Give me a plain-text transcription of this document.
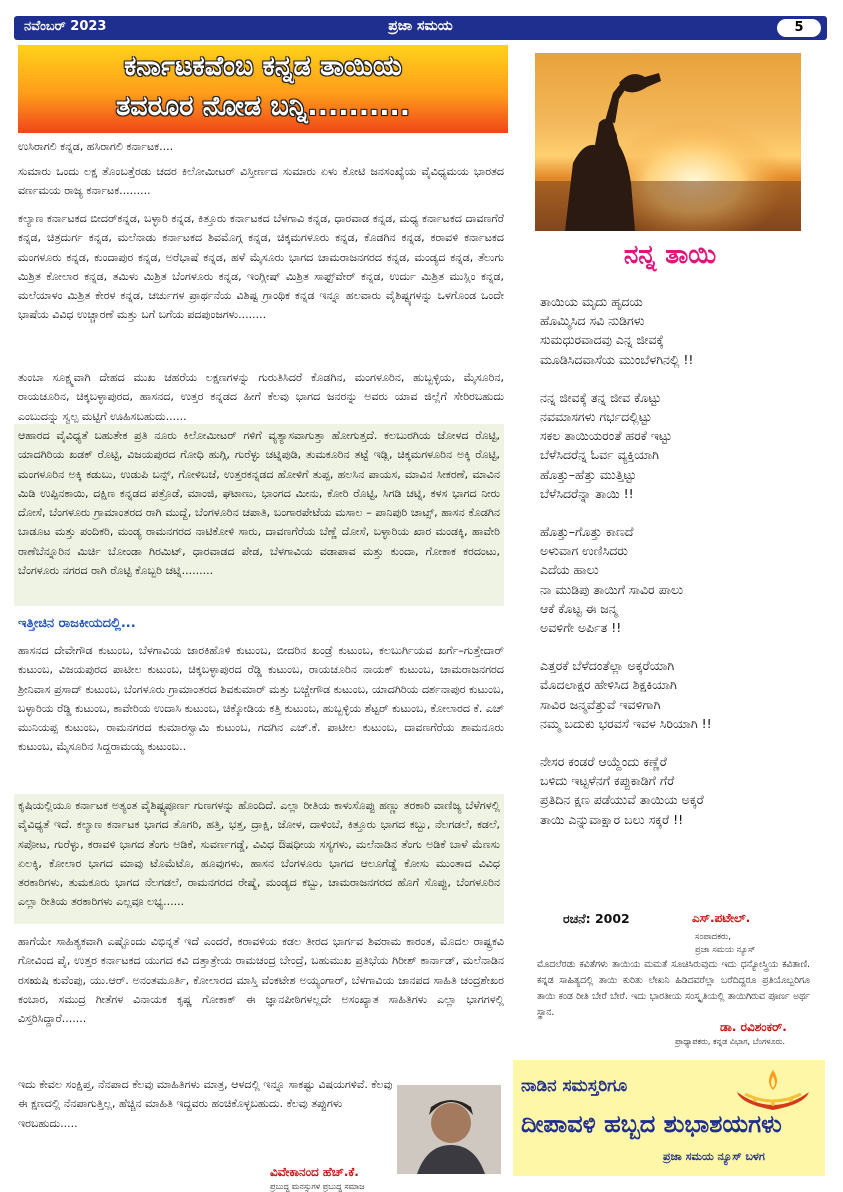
ನವೆಂಬರ್ 2023	ಪ್ರಜಾ ಸಮಯ	5
ಕರ್ನಾಟಕವೆಂಬ ಕನ್ನಡ ತಾಯಿಯ
ತವರೂರ ನೋಡ ಬನ್ನಿ..........
ಉಸಿರಾಗಲಿ ಕನ್ನಡ, ಹಸಿರಾಗಲಿ ಕರ್ನಾಟಕ....
ಸುಮಾರು ಒಂದು ಲಕ್ಷ ತೊಂಬತ್ತೆರಡು ಚದರ ಕಿಲೋಮೀಟರ್ ವಿಸ್ತೀರ್ಣದ ಸುಮಾರು ಏಳು ಕೋಟಿ ಜನಸಂಖ್ಯೆಯ ವೈವಿಧ್ಯಮಯ ಭಾರತದ ವರ್ಣಮಯ ರಾಜ್ಯ ಕರ್ನಾಟಕ.........
ಕಲ್ಯಾಣ ಕರ್ನಾಟಕದ ಬೀದರ್‌ಕನ್ನಡ, ಬಳ್ಳಾರಿ ಕನ್ನಡ, ಕಿತ್ತೂರು ಕರ್ನಾಟಕದ ಬೆಳಗಾವಿ ಕನ್ನಡ, ಧಾರವಾಡ ಕನ್ನಡ, ಮಧ್ಯ ಕರ್ನಾಟಕದ ದಾವಣಗೆರೆ ಕನ್ನಡ, ಚಿತ್ರದುರ್ಗ ಕನ್ನಡ, ಮಲೆನಾಡು ಕರ್ನಾಟಕದ ಶಿವಮೊಗ್ಗ ಕನ್ನಡ, ಚಿಕ್ಕಮಗಳೂರು ಕನ್ನಡ, ಕೊಡಗಿನ ಕನ್ನಡ, ಕರಾವಳಿ ಕರ್ನಾಟಕದ ಮಂಗಳೂರು ಕನ್ನಡ, ಕುಂದಾಪುರ ಕನ್ನಡ, ಅರೆಭಾಷೆ ಕನ್ನಡ, ಹಳೆ ಮೈಸೂರು ಭಾಗದ ಚಾಮರಾಜನಗರದ ಕನ್ನಡ, ಮಂಡ್ಯದ ಕನ್ನಡ, ತೆಲುಗು ಮಿಶ್ರಿತ ಕೋಲಾರ ಕನ್ನಡ, ತಮಿಳು ಮಿಶ್ರಿತ ಬೆಂಗಳೂರು ಕನ್ನಡ, ಇಂಗ್ಲೀಷ್ ಮಿಶ್ರಿತ ಸಾಫ್ಟ್‌ವೇರ್ ಕನ್ನಡ, ಉರ್ದು ಮಿಶ್ರಿತ ಮುಸ್ಲಿಂ ಕನ್ನಡ, ಮಲೆಯಾಳಂ ಮಿಶ್ರಿತ ಕೇರಳ ಕನ್ನಡ, ಚರ್ಚುಗಳ ಪ್ರಾರ್ಥನೆಯ ವಿಶಿಷ್ಟ ಗ್ರಾಂಥಿಕ ಕನ್ನಡ ಇನ್ನೂ ಹಲವಾರು ವೈಶಿಷ್ಟ್ಯಗಳನ್ನು ಒಳಗೊಂಡ ಒಂದೇ ಭಾಷೆಯ ವಿವಿಧ ಉಚ್ಚಾರಣೆ ಮತ್ತು ಬಗೆ ಬಗೆಯ ಪದಪುಂಜಗಳು........
ತುಂಬಾ ಸೂಕ್ಷ್ಮವಾಗಿ ದೇಹದ ಮುಖ ಚಹರೆಯ ಲಕ್ಷಣಗಳನ್ನು ಗುರುತಿಸಿದರೆ ಕೊಡಗಿನ, ಮಂಗಳೂರಿನ, ಹುಬ್ಬಳ್ಳಿಯ, ಮೈಸೂರಿನ, ರಾಯಚೂರಿನ, ಚಿಕ್ಕಬಳ್ಳಾಪುರದ, ಹಾಸನದ, ಉತ್ತರ ಕನ್ನಡದ ಹೀಗೆ ಕೆಲವು ಭಾಗದ ಜನರನ್ನು ಅವರು ಯಾವ ಜಿಲ್ಲೆಗೆ ಸೇರಿರಬಹುದು ಎಂಬುದನ್ನು ಸ್ವಲ್ಪ ಮಟ್ಟಿಗೆ ಊಹಿಸಬಹುದು......
ಆಹಾರದ ವೈವಿಧ್ಯತೆ ಬಹುತೇಕ ಪ್ರತಿ ನೂರು ಕಿಲೋಮೀಟರ್ ಗಳಿಗೆ ವ್ಯತ್ಯಾಸವಾಗುತ್ತಾ ಹೋಗುತ್ತದೆ. ಕಲಬುರಗಿಯ ಜೋಳದ ರೊಟ್ಟಿ, ಯಾದಗಿರಿಯ ಖಡಕ್ ರೊಟ್ಟಿ, ವಿಜಯಪುರದ ಗೋಧಿ ಹುಗ್ಗಿ, ಗುರೆಳ್ಳು ಚಟ್ನಿಪುಡಿ, ತುಮಕೂರಿನ ತಟ್ಟೆ ಇಡ್ಲಿ, ಚಿಕ್ಕಮಗಳೂರಿನ ಅಕ್ಕಿ ರೊಟ್ಟಿ, ಮಂಗಳೂರಿನ ಅಕ್ಕಿ ಕಡುಬು, ಉಡುಪಿ ಬನ್ಸ್, ಗೋಳಿಬಜೆ, ಉತ್ತರಕನ್ನಡದ ಹೋಳಿಗೆ ತುಪ್ಪ, ಹಲಸಿನ ಪಾಯಸ, ಮಾವಿನ ಸೀಕರಣೆ, ಮಾವಿನ ಮಿಡಿ ಉಪ್ಪಿನಕಾಯಿ, ದಕ್ಷಿಣ ಕನ್ನಡದ ಪತ್ರೊಡೆ, ಮಾಂಜಿ, ಘಟಾಣು, ಭಾಂಗದ ಮೀನು, ಕೋರಿ ರೊಟ್ಟಿ, ಸಿಗಡಿ ಚಟ್ನಿ, ಕಳಸ ಭಾಗದ ನೀರು ದೋಸೆ, ಬೆಂಗಳೂರು ಗ್ರಾಮಾಂತರದ ರಾಗಿ ಮುದ್ದೆ, ಬೆಂಗಳೂರಿನ ಚಪಾತಿ, ಬಂಗಾರಪೇಟೆಯ ಮಸಾಲ – ಪಾನಿಪುರಿ ಚಾಟ್ಸ್, ಹಾಸನ ಕೊಡಗಿನ ಬಾಡೂಟ ಮತ್ತು ಪಂದಿಕರಿ, ಮಂಡ್ಯ ರಾಮನಗರದ ನಾಟಿಕೋಳಿ ಸಾರು, ದಾವಣಗೆರೆಯ ಬೆಣ್ಣೆ ದೋಸೆ, ಬಳ್ಳಾರಿಯ ಖಾರ ಮಂಡಕ್ಕಿ, ಹಾವೇರಿ ರಾಣೆಬೆನ್ನೂರಿನ ಮಿರ್ಚಿ ಬೋಂಡಾ ಗಿರಮಿಟ್, ಧಾರವಾಡದ ಪೇಡ, ಬೆಳಗಾವಿಯ ವಡಾಪಾವ ಮತ್ತು ಕುಂದಾ, ಗೋಕಾಕ ಕರದಂಟು, ಬೆಂಗಳೂರು ನಗರದ ರಾಗಿ ರೊಟ್ಟಿ ಕೊಬ್ಬರಿ ಚಟ್ನಿ.........
ಇತ್ತೀಚಿನ ರಾಜಕೀಯದಲ್ಲಿ...
ಹಾಸನದ ದೇವೇಗೌಡ ಕುಟುಂಬ, ಬೆಳಗಾವಿಯ ಜಾರಕಿಹೊಳಿ ಕುಟುಂಬ, ಬೀದರಿನ ಖಂಡ್ರೆ ಕುಟುಂಬ, ಕಲಬುರ್ಗಿಯವ ಖರ್ಗೆ–ಗುತ್ತೇದಾರ್ ಕುಟುಂಬ, ವಿಜಯಪುರದ ಪಾಟೀಲ ಕುಟುಂಬ, ಚಿಕ್ಕಬಳ್ಳಾಪುರದ ರೆಡ್ಡಿ ಕುಟುಂಬ, ರಾಯಚೂರಿನ ನಾಯಕ್ ಕುಟುಂಬ, ಚಾಮರಾಜನಗರದ ಶ್ರೀನಿವಾಸ ಪ್ರಸಾದ್ ಕುಟುಂಬ, ಬೆಂಗಳೂರು ಗ್ರಾಮಾಂತರದ ಶಿವಕುಮಾರ್ ಮತ್ತು ಬಚ್ಚೇಗೌಡ ಕುಟುಂಬ, ಯಾದಗಿರಿಯ ದರ್ಶನಾಪುರ ಕುಟುಂಬ, ಬಳ್ಳಾರಿಯ ರೆಡ್ಡಿ ಕುಟುಂಬ, ಕಾವೇರಿಯ ಉದಾಸಿ ಕುಟುಂಬ, ಚಿಕ್ಕೋಡಿಯ ಕತ್ತಿ ಕುಟುಂಬ, ಹುಬ್ಬಳ್ಳಿಯ ಶೆಟ್ಟರ್ ಕುಟುಂಬ, ಕೋಲಾರದ ಕೆ. ಎಚ್ ಮುನಿಯಪ್ಪ ಕುಟುಂಬ, ರಾಮನಗರದ ಕುಮಾರಸ್ವಾಮಿ ಕುಟುಂಬ, ಗದಗಿನ ಎಚ್.ಕೆ. ಪಾಟೀಲ ಕುಟುಂಬ, ದಾವಣಗೆರೆಯ ಶಾಮನೂರು ಕುಟುಂಬ, ಮೈಸೂರಿನ ಸಿದ್ದರಾಮಯ್ಯ ಕುಟುಂಬ..
ಕೃಷಿಯಲ್ಲಿಯೂ ಕರ್ನಾಟಕ ಅತ್ಯಂತ ವೈಶಿಷ್ಟ್ಯಪೂರ್ಣ ಗುಣಗಳನ್ನು ಹೊಂದಿದೆ. ಎಲ್ಲಾ ರೀತಿಯ ಕಾಳುಸೊಪ್ಪು ಹಣ್ಣು ತರಕಾರಿ ವಾಣಿಜ್ಯ ಬೆಳೆಗಳಲ್ಲಿ ವೈವಿಧ್ಯತೆ ಇದೆ. ಕಲ್ಯಾಣ ಕರ್ನಾಟಕ ಭಾಗದ ತೊಗರಿ, ಹತ್ತಿ, ಭತ್ತ, ದ್ರಾಕ್ಷಿ, ಜೋಳ, ದಾಳಿಂಬೆ, ಕಿತ್ತೂರು ಭಾಗದ ಕಬ್ಬು, ನೆಲಗಡಲೆ, ಕಡಲೆ, ಸಪೋಟ, ಗುರೆಳ್ಳು, ಕರಾವಳಿ ಭಾಗದ ತೆಂಗು ಅಡಿಕೆ, ಸುವರ್ಣಗಡ್ಡೆ, ವಿವಿಧ ಔಷಧೀಯ ಸಸ್ಯಗಳು, ಮಲೆನಾಡಿನ ತೆಂಗು ಅಡಿಕೆ ಬಾಳೆ ಮೆಣಸು ಏಲಕ್ಕಿ, ಕೋಲಾರ ಭಾಗದ ಮಾವು ಟೊಮೆಟೊ, ಹೂವುಗಳು, ಹಾಸನ ಬೆಂಗಳೂರು ಭಾಗದ ಆಲೂಗೆಡ್ಡೆ ಕೋಸು ಮುಂತಾದ ವಿವಿಧ ತರಕಾರಿಗಳು, ತುಮಕೂರು ಭಾಗದ ನೆಲಗಡಲೆ, ರಾಮನಗರದ ರೇಷ್ಮೆ, ಮಂಡ್ಯದ ಕಬ್ಬು, ಚಾಮರಾಜನಗರದ ಹೊಗೆ ಸೊಪ್ಪು, ಬೆಂಗಳೂರಿನ ಎಲ್ಲಾ ರೀತಿಯ ತರಕಾರಿಗಳು ಎಲ್ಲವೂ ಲಭ್ಯ......
ಹಾಗೆಯೇ ಸಾಹಿತ್ಯಕವಾಗಿ ಎಷ್ಟೊಂದು ವಿಭಿನ್ನತೆ ಇದೆ ಎಂದರೆ, ಕರಾವಳಿಯ ಕಡಲ ತೀರದ ಭಾರ್ಗವ ಶಿವರಾಮ ಕಾರಂತ, ಮೊದಲ ರಾಷ್ಟ್ರಕವಿ ಗೋವಿಂದ ಪೈ, ಉತ್ತರ ಕರ್ನಾಟಕದ ಯುಗದ ಕವಿ ದತ್ತಾತ್ರೇಯ ರಾಮಚಂದ್ರ ಬೇಂದ್ರೆ, ಬಹುಮುಖ ಪ್ರತಿಭೆಯ ಗಿರೀಶ್ ಕಾರ್ನಾಡ್, ಮಲೆನಾಡಿನ ರಸಋಷಿ ಕುವೆಂಪು, ಯು.ಆರ್. ಅನಂತಮೂರ್ತಿ, ಕೋಲಾರದ ಮಾಸ್ತಿ ವೆಂಕಟೇಶ ಅಯ್ಯಂಗಾರ್, ಬೆಳಗಾವಿಯ ಜಾನಪದ ಸಾಹಿತಿ ಚಂದ್ರಶೇಖರ ಕಂಬಾರ, ಸಮುದ್ರ ಗೀತೆಗಳ ವಿನಾಯಕ ಕೃಷ್ಣ ಗೋಕಾಕ್ ಈ ಜ್ಞಾನಪೀಠಿಗಳಲ್ಲದೇ ಅಸಂಖ್ಯಾತ ಸಾಹಿತಿಗಳು ಎಲ್ಲಾ ಭಾಗಗಳಲ್ಲಿ ವಿಸ್ತರಿಸಿದ್ದಾರೆ.......
ಇದು ಕೇವಲ ಸಂಕ್ಷಿಪ್ತ, ನೆನಪಾದ ಕೆಲವು ಮಾಹಿತಿಗಳು ಮಾತ್ರ, ಆಳದಲ್ಲಿ ಇನ್ನೂ ಸಾಕಷ್ಟು ವಿಷಯಗಳಿವೆ. ಕೆಲವು ಈ ಕ್ಷಣದಲ್ಲಿ ನೆನಪಾಗುತ್ತಿಲ್ಲ, ಹೆಚ್ಚಿನ ಮಾಹಿತಿ ಇದ್ದವರು ಹಂಚಿಕೊಳ್ಳಬಹುದು. ಕೆಲವು ತಪ್ಪುಗಳು ಇರಬಹುದು.....
ವಿವೇಕಾನಂದ ಹೆಚ್.ಕೆ.
ಪ್ರಬುದ್ಧ ಮನಸ್ಸುಗಳ ಪ್ರಬುದ್ಧ ಸಮಾಜ
ನನ್ನ ತಾಯಿ
ತಾಯಿಯ ಮೃದು ಹೃದಯ
ಹೊಮ್ಮಿಸಿದ ಸವಿ ನುಡಿಗಳು
ಸುಮಧುರವಾದವು ಎನ್ನ ಜೀವಕ್ಕೆ
ಮೂಡಿಸಿದವಾಸೆಯ ಮುಂಬೆಳಗಿನಲ್ಲಿ !!
ನನ್ನ ಜೀವಕ್ಕೆ ತನ್ನ ಜೀವ ಕೊಟ್ಟು
ನವಮಾಸಗಳು ಗರ್ಭದಲ್ಲಿಟ್ಟು
ಸಕಲ ತಾಯಿಯರಂತೆ ಹರಕೆ ಇಟ್ಟು
ಬೆಳೆಸಿದರೆನ್ನ ಓರ್ವ ವ್ಯಕ್ತಿಯಾಗಿ
ಹೊತ್ತು–ಹೆತ್ತು ಮುತ್ತಿಟ್ಟು
ಬೆಳೆಸಿದರೆನ್ನಾ ತಾಯಿ !!
ಹೊತ್ತು–ಗೊತ್ತು ಕಾಣದೆ
ಅಳುವಾಗ ಉಣಿಸಿದರು
ಎದೆಯ ಹಾಲು
ನಾ ಮುಡಿಪು ತಾಯಿಗೆ ಸಾವಿರ ಪಾಲು
ಆಕೆ ಕೊಟ್ಟ ಈ ಜನ್ಮ
ಅವಳಿಗೇ ಅರ್ಪಿತ !!
ಎತ್ತರಕೆ ಬೆಳೆದಂತೆಲ್ಲಾ ಅಕ್ಕರೆಯಾಗಿ
ಮೊದಲಾಕ್ಷರ ಹೇಳಿಸಿದ ಶಿಕ್ಷಕಿಯಾಗಿ
ಸಾವಿರ ಜನ್ಮವೆತ್ತುವೆ ಇವಳಿಗಾಗಿ
ನಮ್ಮ ಬದುಕು ಭರವಸೆ ಇವಳ ಸಿರಿಯಾಗಿ !!
ನೇಸರ ಕಂಡರೆ ಆಯ್ದೆಂದು ಕಣ್ಣೆರೆ
ಬಳಿದು ಇಟ್ಟಳೆನಗೆ ಕಪ್ಪುಕಾಡಿಗೆ ಗೆರೆ
ಪ್ರತಿದಿನ ಕ್ಷಣ ಪಡೆಯುವೆ ತಾಯಿಯ ಅಕ್ಕರೆ
ತಾಯಿ ಎನ್ನುವಾಕ್ಷಾರ ಬಲು ಸಕ್ಕರೆ !!
ಎಸ್.ಪಟೇಲ್.
ರಚನೆ: 2002
ಸಂಪಾದಕರು,
ಪ್ರಜಾ ಸಮಯ ನ್ಯೂಸ್
ಮೊದಲೆರಡು ಕವಿತೆಗಳು ತಾಯಿಯ ಮಮತೆ ಸೂಚಿಸಿರುವುದು ಇದು ಧನ್ಯೋಸ್ತ್ರಿಯ ಕವಿತಾಣಿ. ಕನ್ನಡ ಸಾಹಿತ್ಯದಲ್ಲಿ ತಾಯಿ ಕುರಿತು ಲೇಖನಿ ಹಿಡಿದವರೆಲ್ಲಾ ಬರೆದಿದ್ದರೂ ಪ್ರತಿಯೊಬ್ಬರಿಗೂ ತಾಯಿ ಕಂಡ ರೀತಿ ಬೇರೆ ಬೇರೆ. ಇದು ಭಾರತೀಯ ಸಂಸ್ಕೃತಿಯಲ್ಲಿ ತಾಯಿಗಿರುವ ಪೂರ್ಣ ಅರ್ಥ ಸ್ಥಾನ.
ಡಾ. ರವಿಶಂಕರ್.
ಪ್ರಾಧ್ಯಾಪಕರು, ಕನ್ನಡ ವಿಭಾಗ, ಬೆಂಗಳೂರು.
ನಾಡಿನ ಸಮಸ್ತರಿಗೂ
ದೀಪಾವಳಿ ಹಬ್ಬದ ಶುಭಾಶಯಗಳು
ಪ್ರಜಾ ಸಮಯ ನ್ಯೂಸ್ ಬಳಗ
